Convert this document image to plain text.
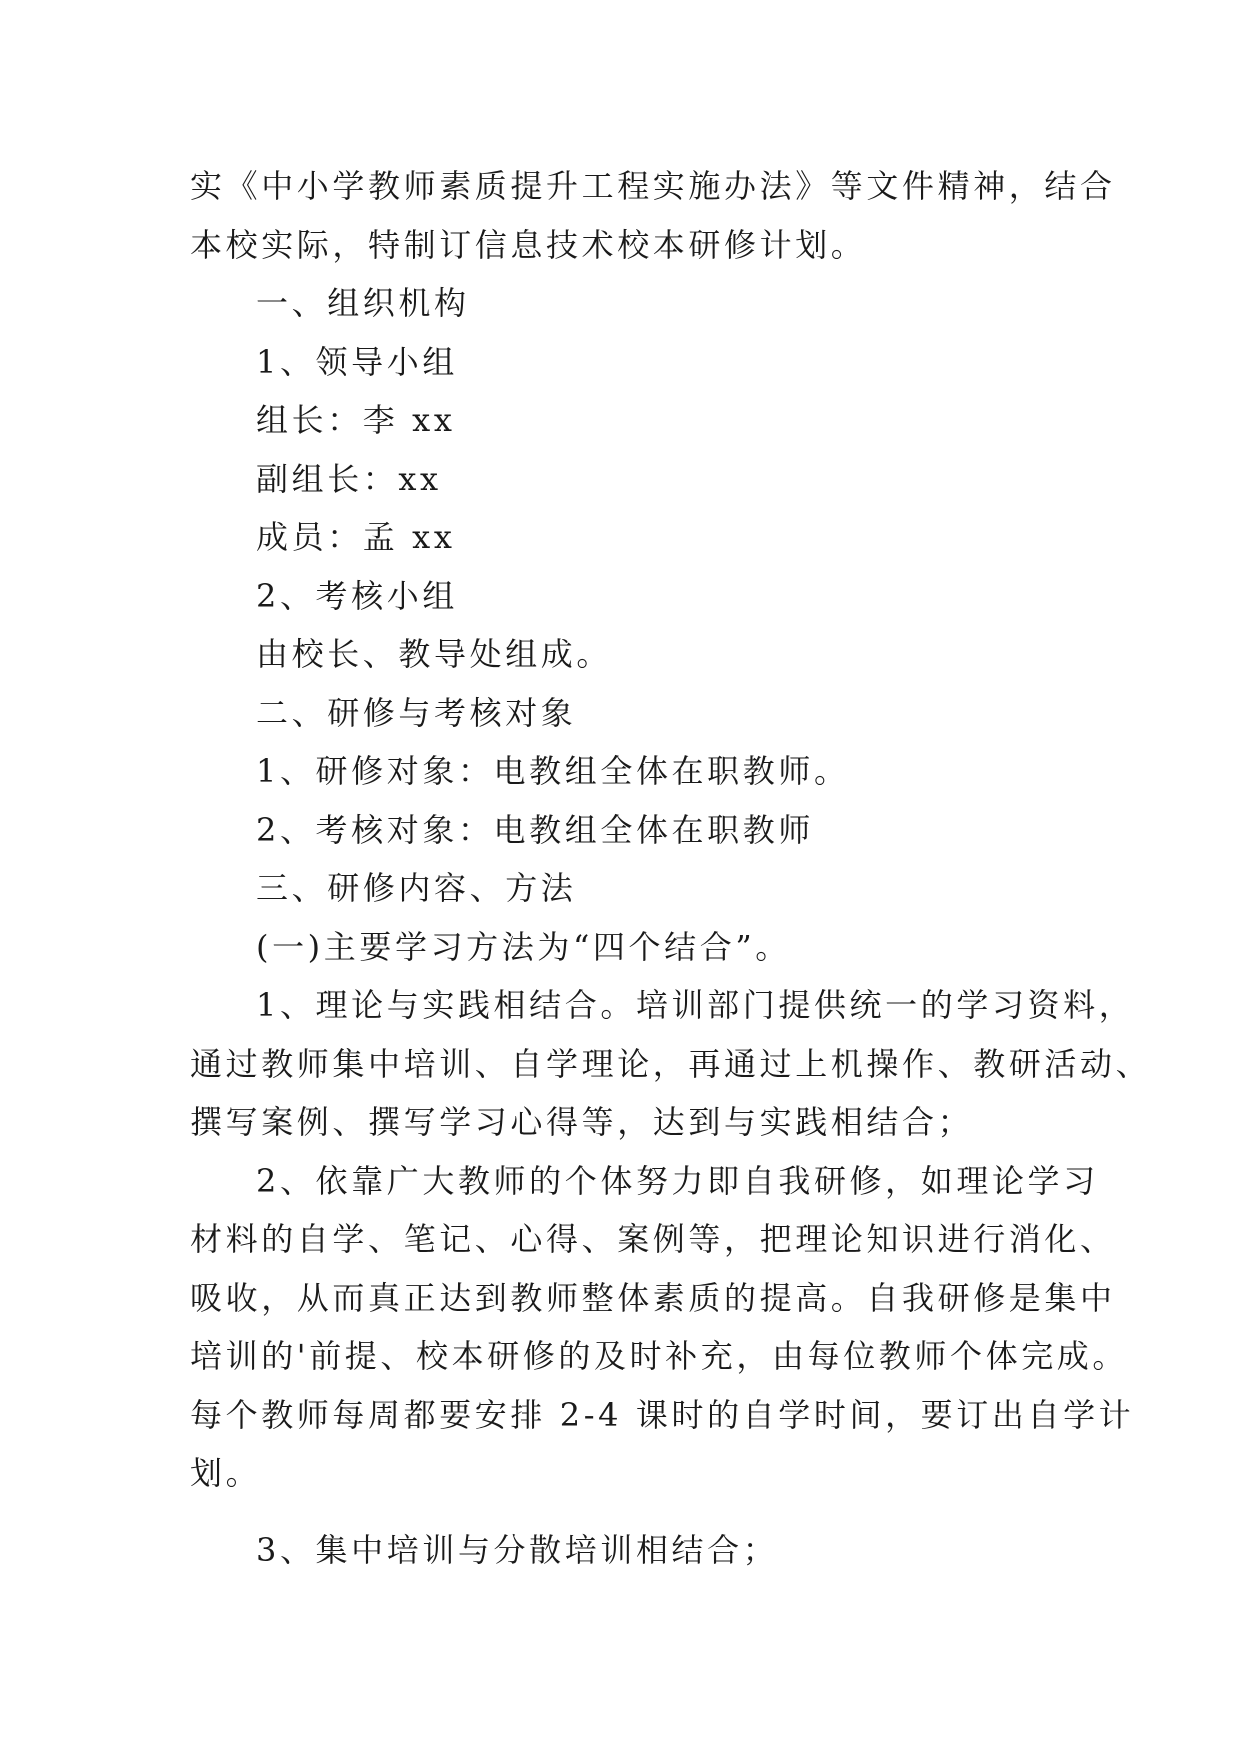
实《中小学教师素质提升工程实施办法》等文件精神，结合
本校实际，特制订信息技术校本研修计划。
一、组织机构
1、领导小组
组长：李 xx
副组长：xx
成员：孟 xx
2、考核小组
由校长、教导处组成。
二、研修与考核对象
1、研修对象：电教组全体在职教师。
2、考核对象：电教组全体在职教师
三、研修内容、方法
(一)主要学习方法为“四个结合”。
1、理论与实践相结合。培训部门提供统一的学习资料，
通过教师集中培训、自学理论，再通过上机操作、教研活动、
撰写案例、撰写学习心得等，达到与实践相结合；
2、依靠广大教师的个体努力即自我研修，如理论学习
材料的自学、笔记、心得、案例等，把理论知识进行消化、
吸收，从而真正达到教师整体素质的提高。自我研修是集中
培训的'前提、校本研修的及时补充，由每位教师个体完成。
每个教师每周都要安排 2-4 课时的自学时间，要订出自学计
划。
3、集中培训与分散培训相结合；
